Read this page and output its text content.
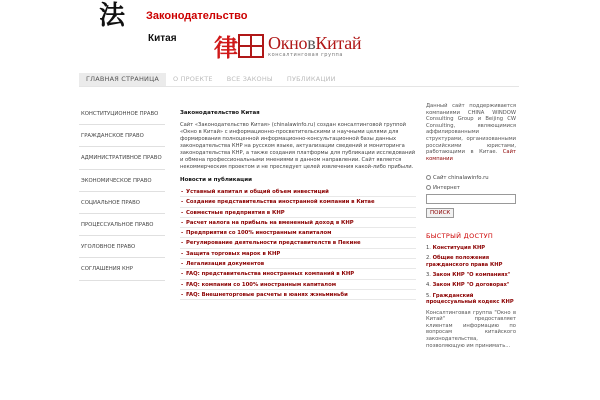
法 Законодательство
Китая 律 ОкновКитай
консалтинговая группа
ГЛАВНАЯ СТРАНИЦА	О ПРОЕКТЕ	ВСЕ ЗАКОНЫ	ПУБЛИКАЦИИ
КОНСТИТУЦИОННОЕ ПРАВО
ГРАЖДАНСКОЕ ПРАВО
АДМИНИСТРАТИВНОЕ ПРАВО
ЭКОНОМИЧЕСКОЕ ПРАВО
СОЦИАЛЬНОЕ ПРАВО
ПРОЦЕССУАЛЬНОЕ ПРАВО
УГОЛОВНОЕ ПРАВО
СОГЛАШЕНИЯ КНР
Законодательство Китая
Сайт «Законодательство Китая» (chinalawinfo.ru) создан консалтинговой группой «Окно в Китай» с информационно-просветительскими и научными целями для формирования полноценной информационно-консультационной базы данных законодательства КНР на русском языке, актуализации сведений и мониторинга законодательства КНР, а также создания платформы для публикации исследований и обмена профессиональными мнениями в данном направлении. Сайт является некоммерческим проектом и не преследует целей извлечения какой-либо прибыли.
Новости и публикации
- Уставный капитал и общий объем инвестиций
- Создание представительства иностранной компании в Китае
- Совместные предприятия в КНР
- Расчет налога на прибыль на вмененный доход в КНР
- Предприятия со 100% иностранным капиталом
- Регулирование деятельности представителств в Пекине
- Защита торговых марок в КНР
- Легализация документов
- FAQ: представительства иностранных компаний в КНР
- FAQ: компании со 100% иностранным капиталом
- FAQ: Внешнеторговые расчеты в юанях жэньминьби
Данный сайт поддерживается компаниями CHINA WINDOW Consulting Group и Beijing CW Consulting, являющимися аффилированными структурами, организованными российскими юристами, работающими в Китае. Сайт компании
Сайт chinalawinfo.ru
Интернет
ПОИСК
БЫСТРЫЙ ДОСТУП
1. Конституция КНР
2. Общие положения гражданского права КНР
3. Закон КНР "О компаниях"
4. Закон КНР "О договорах"
5. Гражданский процессуальный кодекс КНР
Консалтинговая группа "Окно в Китай" предоставляет клиентам информацию по вопросам китайского законодательства, позволяющую им принимать...
